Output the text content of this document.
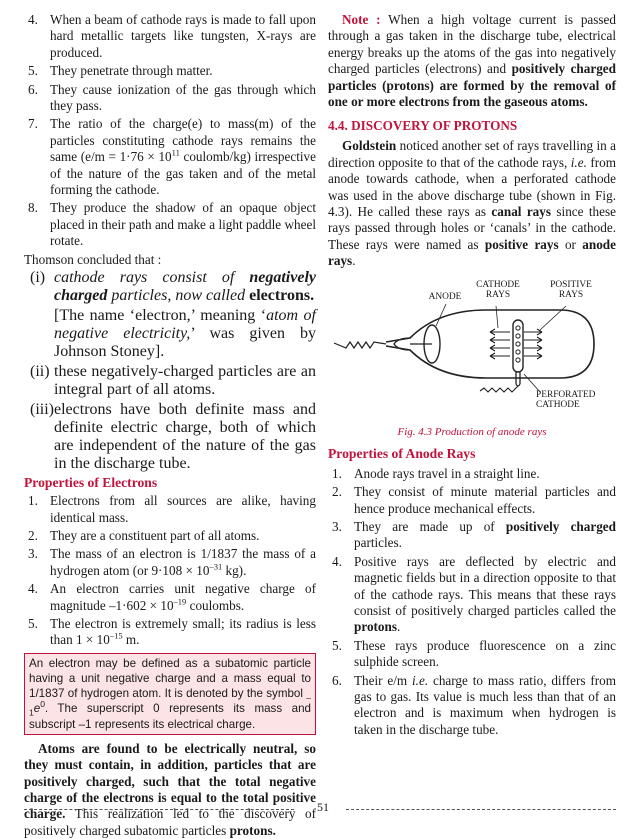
4. When a beam of cathode rays is made to fall upon hard metallic targets like tungsten, X-rays are produced.
5. They penetrate through matter.
6. They cause ionization of the gas through which they pass.
7. The ratio of the charge(e) to mass(m) of the particles constituting cathode rays remains the same ($e/m = 1\cdot 76 \times 10^{11}$ coulomb/kg) irrespective of the nature of the gas taken and of the metal forming the cathode.
8. They produce the shadow of an opaque object placed in their path and make a light paddle wheel rotate.

Thomson concluded that :

(i) cathode rays consist of negatively charged particles, now called electrons.
[The name ‘electron,’ meaning ‘atom of negative electricity,’ was given by Johnson Stoney].
(ii) these negatively-charged particles are an integral part of all atoms.
(iii) electrons have both definite mass and definite electric charge, both of which are independent of the nature of the gas in the discharge tube.
Properties of Electrons
1. Electrons from all sources are alike, having identical mass.
2. They are a constituent part of all atoms.
3. The mass of an electron is 1/1837 the mass of a hydrogen atom (or $9\cdot 108 \times 10^{-31}$ kg).
4. An electron carries unit negative charge of magnitude $-1\cdot 602 \times 10^{-19}$ coulombs.
5. The electron is extremely small; its radius is less than $1 \times 10^{-15}$ m.
An electron may be defined as a subatomic particle having a unit negative charge and a mass equal to 1/1837 of hydrogen atom. It is denoted by the symbol $_{-1}e^0$. The superscript 0 represents its mass and subscript –1 represents its electrical charge.

Atoms are found to be electrically neutral, so they must contain, in addition, particles that are positively charged, such that the total negative charge of the electrons is equal to the total positive charge. This realization led to the discovery of positively charged subatomic particles protons.

Note : When a high voltage current is passed through a gas taken in the discharge tube, electrical energy breaks up the atoms of the gas into negatively charged particles (electrons) and positively charged particles (protons) are formed by the removal of one or more electrons from the gaseous atoms.

4.4. DISCOVERY OF PROTONS

Goldstein noticed another set of rays travelling in a direction opposite to that of the cathode rays, i.e. from anode towards cathode, when a perforated cathode was used in the above discharge tube (shown in Fig. 4.3). He called these rays as canal rays since these rays passed through holes or ‘canals’ in the cathode. These rays were named as positive rays or anode rays.

ANODE
CATHODE
RAYS
POSITIVE
RAYS
PERFORATED
CATHODE
Fig. 4.3 Production of anode rays
Properties of Anode Rays
1. Anode rays travel in a straight line.
2. They consist of minute material particles and hence produce mechanical effects.
3. They are made up of positively charged particles.
4. Positive rays are deflected by electric and magnetic fields but in a direction opposite to that of the cathode rays. This means that these rays consist of positively charged particles called the protons.
5. These rays produce fluorescence on a zinc sulphide screen.
6. Their e/m i.e. charge to mass ratio, differs from gas to gas. Its value is much less than that of an electron and is maximum when hydrogen is taken in the discharge tube.
51
